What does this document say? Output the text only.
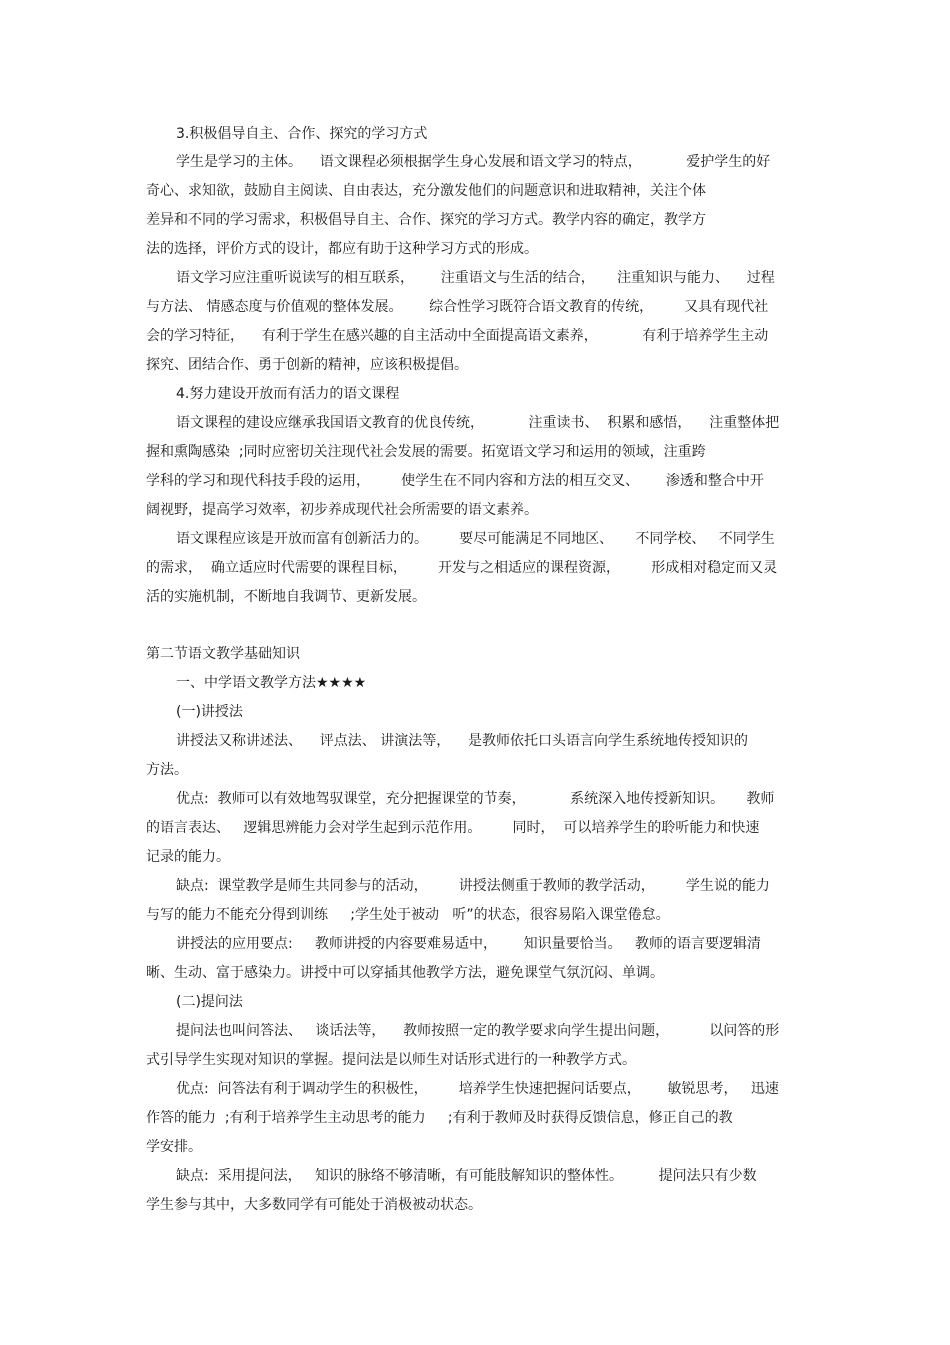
3.积极倡导自主、合作、探究的学习方式
学生是学习的主体。    语文课程必须根据学生身心发展和语文学习的特点，          爱护学生的好
奇心、求知欲，鼓励自主阅读、自由表达，充分激发他们的问题意识和进取精神，关注个体
差异和不同的学习需求，积极倡导自主、合作、探究的学习方式。教学内容的确定，教学方
法的选择，评价方式的设计，都应有助于这种学习方式的形成。
语文学习应注重听说读写的相互联系，      注重语文与生活的结合，     注重知识与能力、    过程
与方法、 情感态度与价值观的整体发展。      综合性学习既符合语文教育的传统，       又具有现代社
会的学习特征，    有利于学生在感兴趣的自主活动中全面提高语文素养，          有利于培养学生主动
探究、团结合作、勇于创新的精神，应该积极提倡。
4.努力建设开放而有活力的语文课程
语文课程的建设应继承我国语文教育的优良传统，          注重读书、  积累和感悟，    注重整体把
握和熏陶感染  ;同时应密切关注现代社会发展的需要。拓宽语文学习和运用的领域，注重跨
学科的学习和现代科技手段的运用，       使学生在不同内容和方法的相互交叉、      渗透和整合中开
阔视野，提高学习效率，初步养成现代社会所需要的语文素养。
语文课程应该是开放而富有创新活力的。       要尽可能满足不同地区、     不同学校、   不同学生
的需求，  确立适应时代需要的课程目标，       开发与之相适应的课程资源，       形成相对稳定而又灵
活的实施机制，不断地自我调节、更新发展。
第二节语文教学基础知识
一、中学语文教学方法★★★★
(一)讲授法
讲授法又称讲述法、    评点法、 讲演法等，    是教师依托口头语言向学生系统地传授知识的
方法。
优点:  教师可以有效地驾驭课堂，充分把握课堂的节奏，          系统深入地传授新知识。     教师
的语言表达、   逻辑思辨能力会对学生起到示范作用。       同时，  可以培养学生的聆听能力和快速
记录的能力。
缺点:  课堂教学是师生共同参与的活动，       讲授法侧重于教师的教学活动，       学生说的能力
与写的能力不能充分得到训练     ;学生处于被动   听”的状态，很容易陷入课堂倦怠。
讲授法的应用要点:     教师讲授的内容要难易适中，      知识量要恰当。   教师的语言要逻辑清
晰、生动、富于感染力。讲授中可以穿插其他教学方法，避免课堂气氛沉闷、单调。
(二)提问法
提问法也叫问答法、   谈话法等，    教师按照一定的教学要求向学生提出问题，         以问答的形
式引导学生实现对知识的掌握。提问法是以师生对话形式进行的一种教学方式。
优点:  问答法有利于调动学生的积极性，       培养学生快速把握问话要点，      敏锐思考，   迅速
作答的能力  ;有利于培养学生主动思考的能力     ;有利于教师及时获得反馈信息，修正自己的教
学安排。
缺点:  采用提问法，   知识的脉络不够清晰，有可能肢解知识的整体性。        提问法只有少数
学生参与其中，大多数同学有可能处于消极被动状态。
